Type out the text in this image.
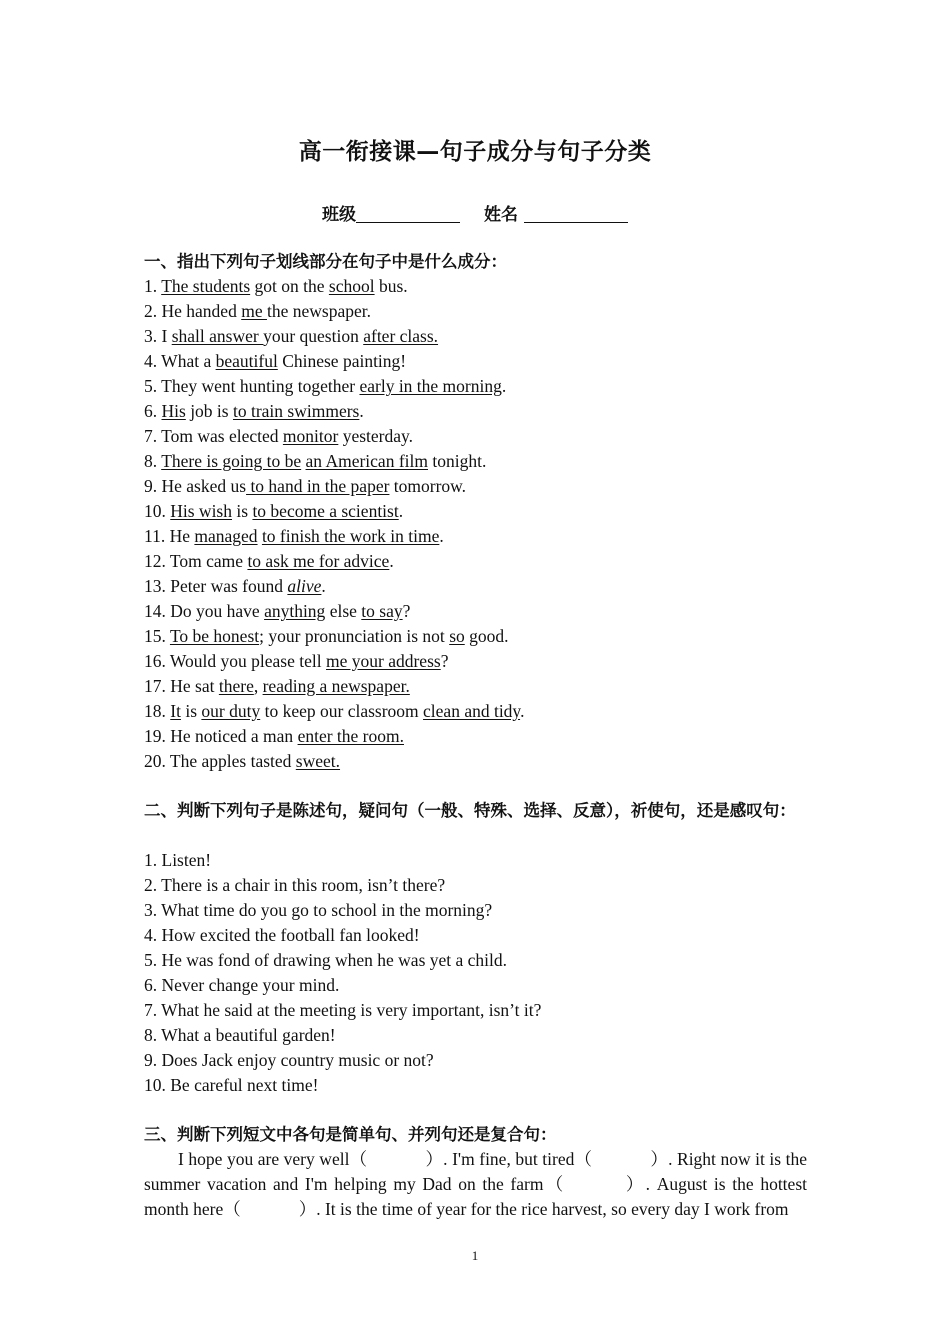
高一衔接课—句子成分与句子分类
班级	姓名
一、指出下列句子划线部分在句子中是什么成分：
1. The students got on the school bus.
2. He handed me the newspaper.
3. I shall answer your question after class.
4. What a beautiful Chinese painting!
5. They went hunting together early in the morning.
6. His job is to train swimmers.
7. Tom was elected monitor yesterday.
8. There is going to be an American film tonight.
9. He asked us to hand in the paper tomorrow.
10. His wish is to become a scientist.
11. He managed to finish the work in time.
12. Tom came to ask me for advice.
13. Peter was found alive.
14. Do you have anything else to say?
15. To be honest; your pronunciation is not so good.
16. Would you please tell me your address?
17. He sat there, reading a newspaper.
18. It is our duty to keep our classroom clean and tidy.
19. He noticed a man enter the room.
20. The apples tasted sweet.
二、判断下列句子是陈述句，疑问句（一般、特殊、选择、反意），祈使句，还是感叹句：
1. Listen!
2. There is a chair in this room, isn’t there?
3. What time do you go to school in the morning?
4. How excited the football fan looked!
5. He was fond of drawing when he was yet a child.
6. Never change your mind.
7. What he said at the meeting is very important, isn’t it?
8. What a beautiful garden!
9. Does Jack enjoy country music or not?
10. Be careful next time!
三、判断下列短文中各句是简单句、并列句还是复合句：

I hope you are very well（	）. I'm fine, but tired（	）. Right now it is the summer vacation and I'm helping my Dad on the farm（	）. August is the hottest month here（	）. It is the time of year for the rice harvest, so every day I work from

1
